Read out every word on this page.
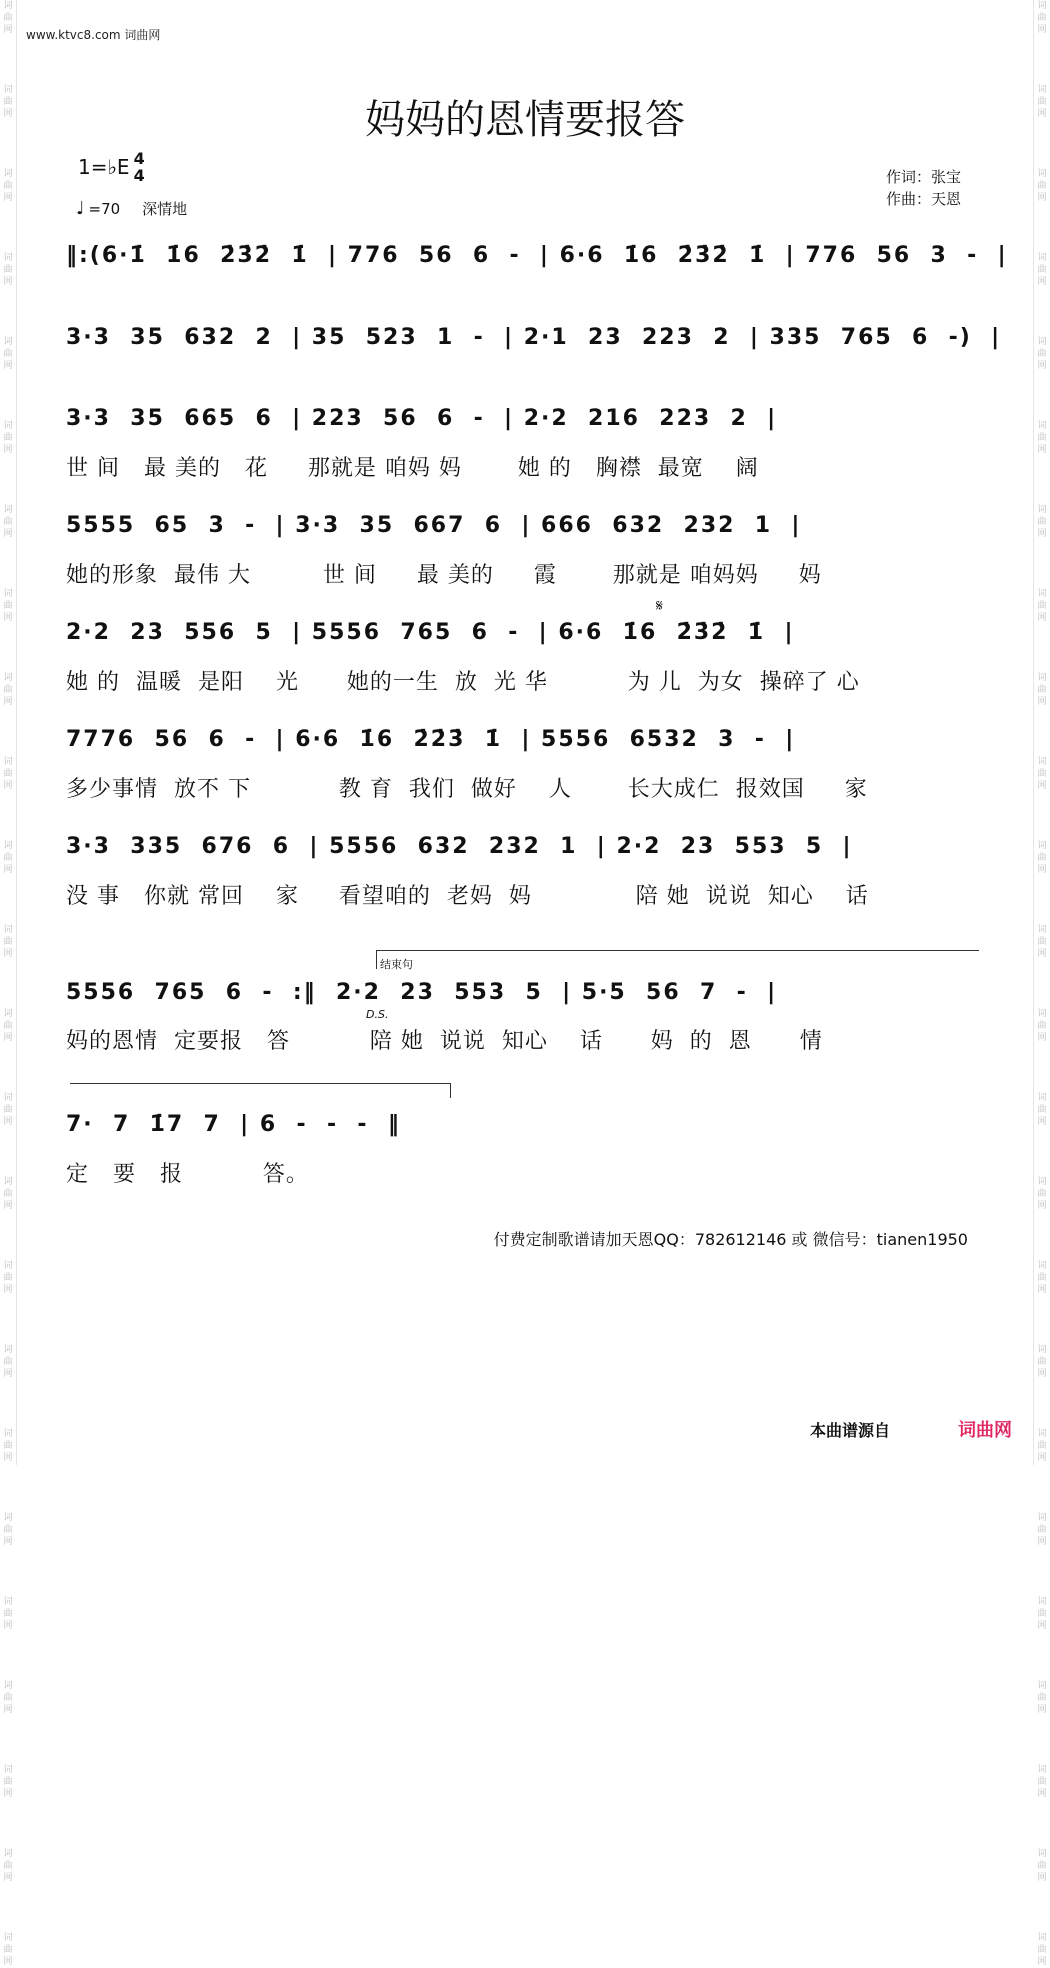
词曲网
词曲网
词曲网
词曲网
词曲网
词曲网
词曲网
词曲网
词曲网
词曲网
词曲网
词曲网
词曲网
词曲网
词曲网
词曲网
词曲网
词曲网
词曲网
词曲网
词曲网
词曲网
词曲网
词曲网
词曲网
词曲网
词曲网
词曲网
词曲网
词曲网
词曲网
词曲网
词曲网
词曲网
词曲网
词曲网
词曲网
词曲网
词曲网
词曲网
词曲网
词曲网
词曲网
词曲网
词曲网
词曲网
词曲网
词曲网
www.ktvc8.com 词曲网
妈妈的恩情要报答
1=♭E 4
4
♩ =70 深情地
作词：张宝
作曲：天恩
‖:(6·1̇  1̇6  2̇3̇2̇  1̇  | 776  56  6  -  | 6·6  1̇6  2̇3̇2̇  1̇  | 776  56  3  -  |
3·3  35  632  2  | 35  523  1  -  | 2·1  23  223  2  | 335  765  6  -)  |
3·3  35  665  6  | 223  56  6  -  | 2·2  216  223  2  |
世 间   最 美的   花     那就是 咱妈 妈       她 的   胸襟  最宽    阔
5555  65  3  -  | 3·3  35  667  6  | 666  632  232  1  |
她的形象  最伟 大         世 间     最 美的     霞       那就是 咱妈妈     妈
𝄋
2·2  23  556  5  | 5556  765  6  -  | 6·6  1̇6  2̇3̇2̇  1̇  |
她 的  温暖  是阳    光      她的一生  放  光 华          为 儿  为女  操碎了 心
7776  56  6  -  | 6·6  1̇6  2̇2̇3̇  1̇  | 5556  6532  3  -  |
多少事情  放不 下           教 育  我们  做好    人       长大成仁  报效国     家
3·3  335  676  6  | 5556  632  232  1  | 2·2  23  553  5  |
没 事   你就 常回    家     看望咱的  老妈  妈             陪 她  说说  知心    话
结束句
D.S.
5556  765  6  -  :‖  2·2  23  553  5  | 5·5  56  7  -  |
妈的恩情  定要报   答          陪 她  说说  知心    话      妈  的  恩      情
7·  7  1̇7  7  | 6  -  -  -  ‖
定   要   报          答。
付费定制歌谱请加天恩QQ：782612146 或 微信号：tianen1950
本曲谱源自	词曲网
